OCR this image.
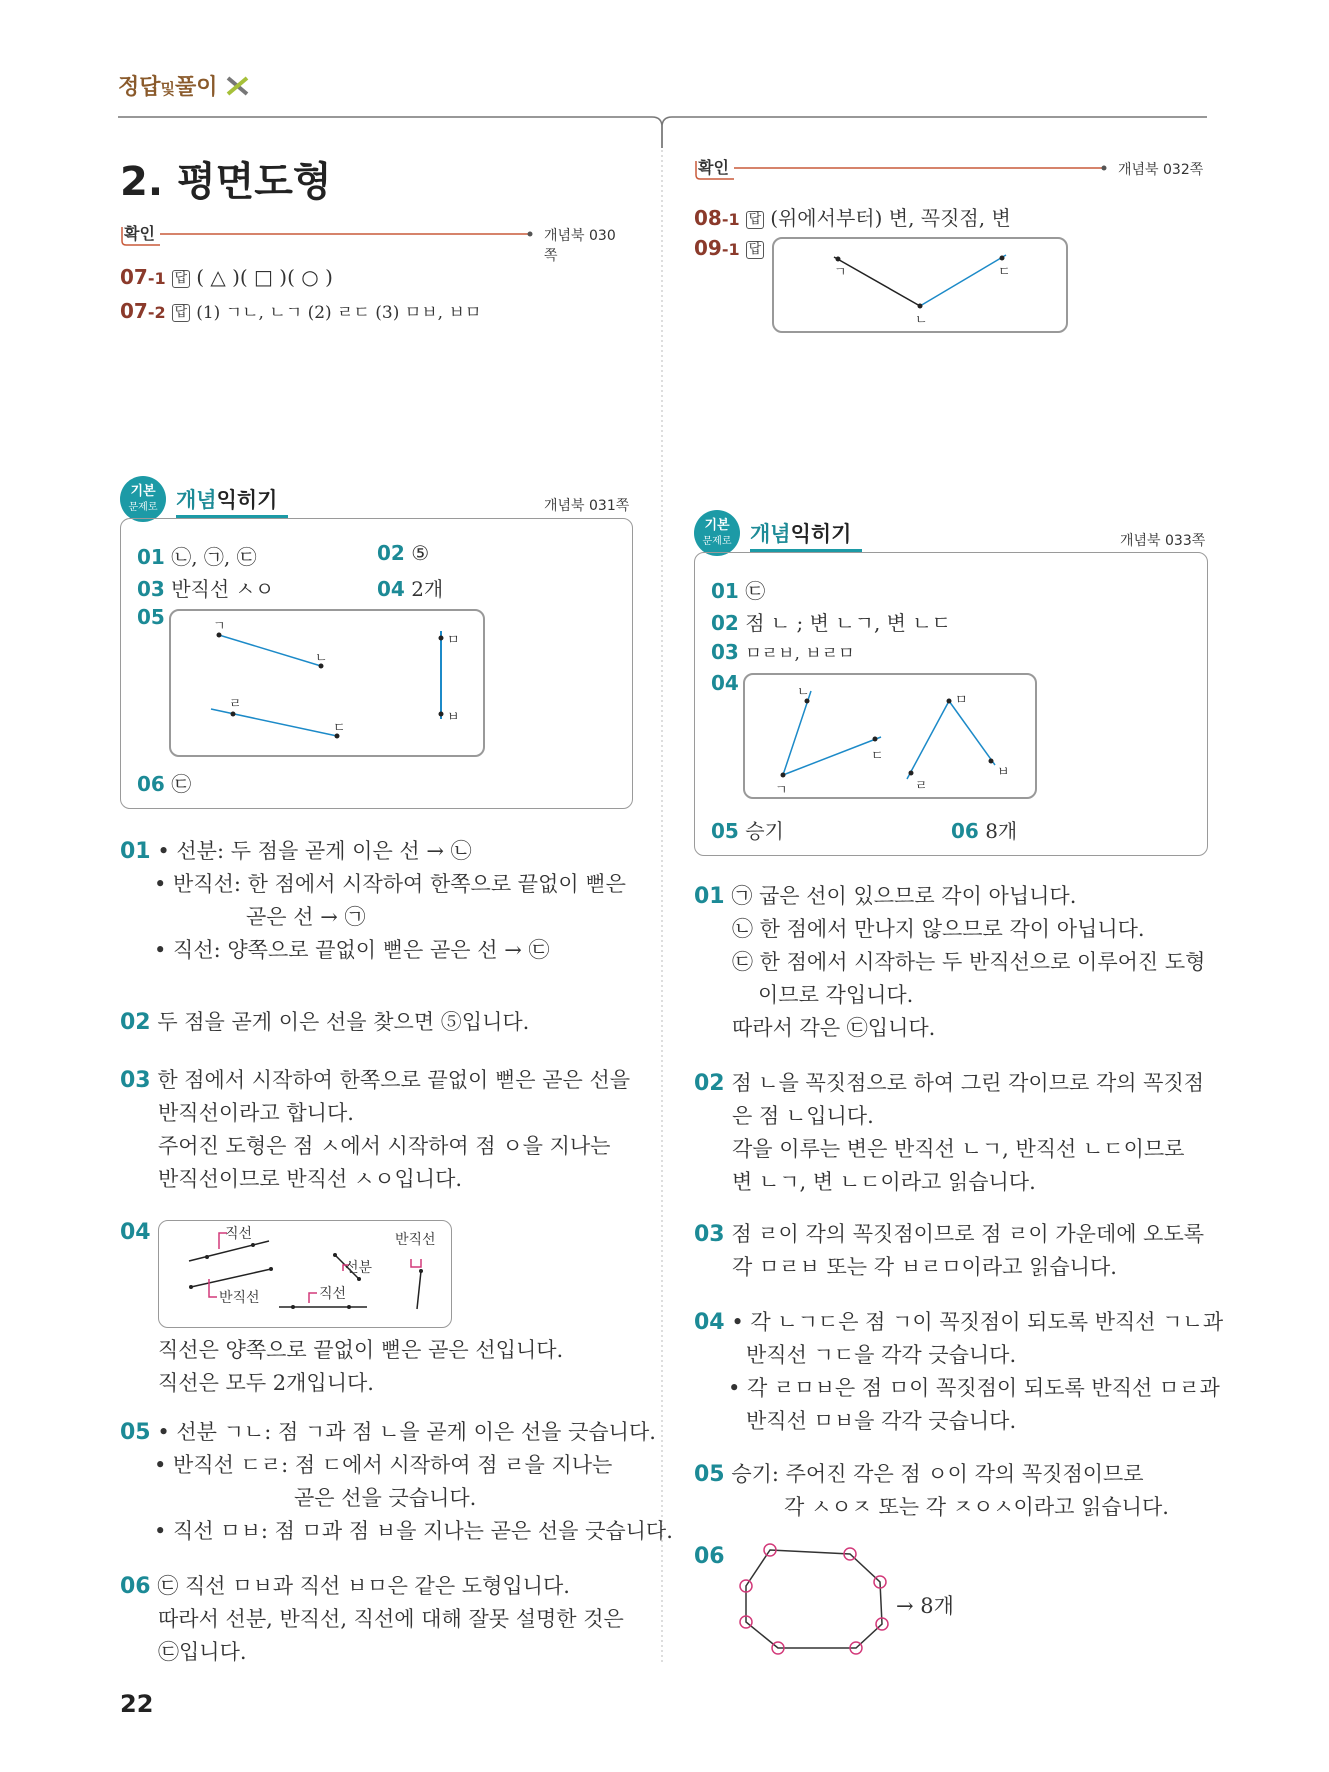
정답및풀이
2. 평면도형
확인	개념북 030쪽
07-1 답 ( △ )( □ )( ○ )
07-2 답 (1) ㄱㄴ, ㄴㄱ (2) ㄹㄷ (3) ㅁㅂ, ㅂㅁ
기본
문제로 개념익히기	개념북 031쪽
01 ㉡, ㉠, ㉢	02 ⑤
03 반직선 ㅅㅇ	04 2개
05	ㄱ
ㄴ
ㅁ
ㅂ
ㄹ
ㄷ
06 ㉢
01 • 선분: 두 점을 곧게 이은 선 → ㉡
• 반직선: 한 점에서 시작하여 한쪽으로 끝없이 뻗은
곧은 선 → ㉠
• 직선: 양쪽으로 끝없이 뻗은 곧은 선 → ㉢
02 두 점을 곧게 이은 선을 찾으면 ⑤입니다.
03 한 점에서 시작하여 한쪽으로 끝없이 뻗은 곧은 선을
반직선이라고 합니다.
주어진 도형은 점 ㅅ에서 시작하여 점 ㅇ을 지나는
반직선이므로 반직선 ㅅㅇ입니다.
04	직선
반직선
선분
반직선
직선
직선은 양쪽으로 끝없이 뻗은 곧은 선입니다.
직선은 모두 2개입니다.
05 • 선분 ㄱㄴ: 점 ㄱ과 점 ㄴ을 곧게 이은 선을 긋습니다.
• 반직선 ㄷㄹ: 점 ㄷ에서 시작하여 점 ㄹ을 지나는
곧은 선을 긋습니다.
• 직선 ㅁㅂ: 점 ㅁ과 점 ㅂ을 지나는 곧은 선을 긋습니다.
06 ㉢ 직선 ㅁㅂ과 직선 ㅂㅁ은 같은 도형입니다.
따라서 선분, 반직선, 직선에 대해 잘못 설명한 것은
㉢입니다.
22
확인	개념북 032쪽
08-1 답 (위에서부터) 변, 꼭짓점, 변
09-1 답
ㄱ
ㄴ
ㄷ
기본
문제로 개념익히기	개념북 033쪽
01 ㉢
02 점 ㄴ ; 변 ㄴㄱ, 변 ㄴㄷ
03 ㅁㄹㅂ, ㅂㄹㅁ
04	ㄴ
ㄷ
ㄱ
ㅁ
ㅂ
ㄹ
05 승기	06 8개
01 ㉠ 굽은 선이 있으므로 각이 아닙니다.
㉡ 한 점에서 만나지 않으므로 각이 아닙니다.
㉢ 한 점에서 시작하는 두 반직선으로 이루어진 도형
이므로 각입니다.
따라서 각은 ㉢입니다.
02 점 ㄴ을 꼭짓점으로 하여 그린 각이므로 각의 꼭짓점
은 점 ㄴ입니다.
각을 이루는 변은 반직선 ㄴㄱ, 반직선 ㄴㄷ이므로
변 ㄴㄱ, 변 ㄴㄷ이라고 읽습니다.
03 점 ㄹ이 각의 꼭짓점이므로 점 ㄹ이 가운데에 오도록
각 ㅁㄹㅂ 또는 각 ㅂㄹㅁ이라고 읽습니다.
04 • 각 ㄴㄱㄷ은 점 ㄱ이 꼭짓점이 되도록 반직선 ㄱㄴ과
반직선 ㄱㄷ을 각각 긋습니다.
• 각 ㄹㅁㅂ은 점 ㅁ이 꼭짓점이 되도록 반직선 ㅁㄹ과
반직선 ㅁㅂ을 각각 긋습니다.
05 승기: 주어진 각은 점 ㅇ이 각의 꼭짓점이므로
각 ㅅㅇㅈ 또는 각 ㅈㅇㅅ이라고 읽습니다.
06
→ 8개
